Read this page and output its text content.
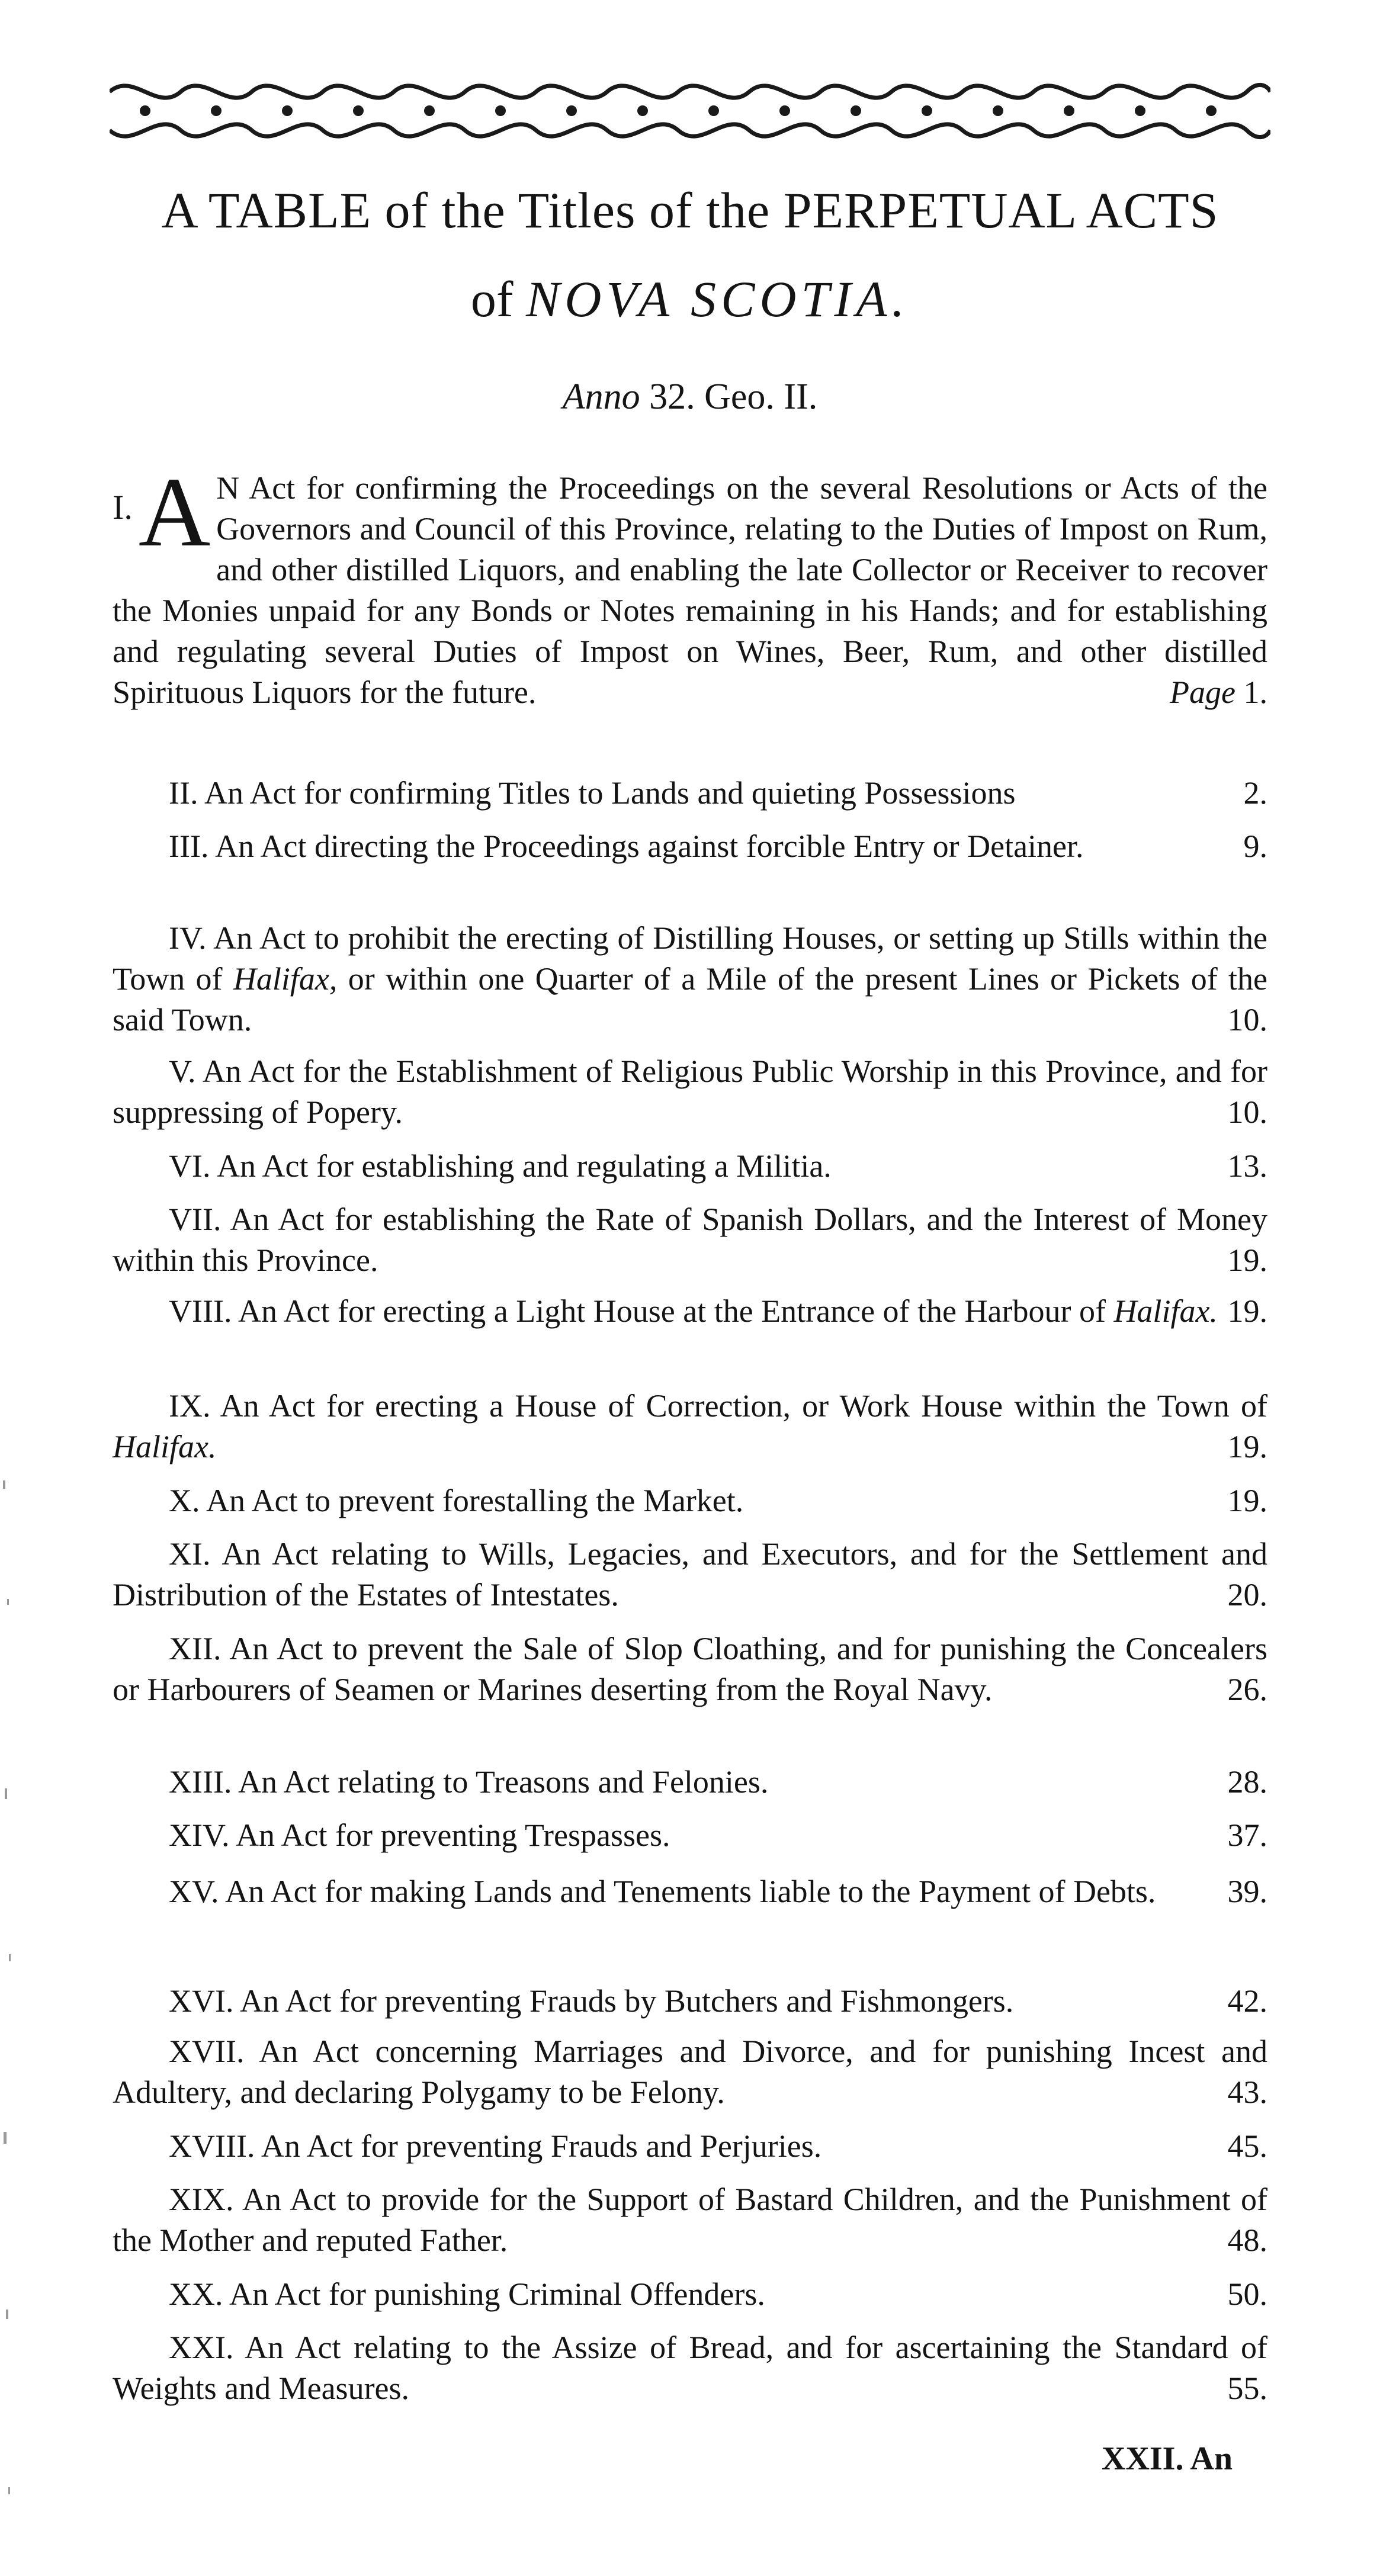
A TABLE of the Titles of the PERPETUAL ACTS
of NOVA SCOTIA.
Anno 32. Geo. II.
I. A N Act for confirming the Proceedings on the several Resolutions or Acts of the Governors and Council of this Province, relating to the Duties of Impost on Rum, and other distilled Liquors, and enabling the late Collector or Receiver to recover the Monies unpaid for any Bonds or Notes remaining in his Hands; and for establishing and regulating several Duties of Impost on Wines, Beer, Rum, and other distilled Spirituous Liquors for the future.	Page 1.
II. An Act for confirming Titles to Lands and quieting Possessions	2.
III. An Act directing the Proceedings against forcible Entry or Detainer.	9.
IV. An Act to prohibit the erecting of Distilling Houses, or setting up Stills within the Town of Halifax, or within one Quarter of a Mile of the present Lines or Pickets of the said Town.	10.
V. An Act for the Establishment of Religious Public Worship in this Province, and for suppressing of Popery.	10.
VI. An Act for establishing and regulating a Militia.	13.
VII. An Act for establishing the Rate of Spanish Dollars, and the Interest of Money within this Province.	19.
VIII. An Act for erecting a Light House at the Entrance of the Harbour of Halifax. 19.
IX. An Act for erecting a House of Correction, or Work House within the Town of Halifax.	19.
X. An Act to prevent forestalling the Market.	19.
XI. An Act relating to Wills, Legacies, and Executors, and for the Settlement and Distribution of the Estates of Intestates.	20.
XII. An Act to prevent the Sale of Slop Cloathing, and for punishing the Concealers or Harbourers of Seamen or Marines deserting from the Royal Navy.	26.
XIII. An Act relating to Treasons and Felonies.	28.
XIV. An Act for preventing Trespasses.	37.
XV. An Act for making Lands and Tenements liable to the Payment of Debts. 39.
XVI. An Act for preventing Frauds by Butchers and Fishmongers.	42.
XVII. An Act concerning Marriages and Divorce, and for punishing Incest and Adultery, and declaring Polygamy to be Felony.	43.
XVIII. An Act for preventing Frauds and Perjuries.	45.
XIX. An Act to provide for the Support of Bastard Children, and the Punishment of the Mother and reputed Father.	48.
XX. An Act for punishing Criminal Offenders.	50.
XXI. An Act relating to the Assize of Bread, and for ascertaining the Standard of Weights and Measures.	55.
XXII. An
